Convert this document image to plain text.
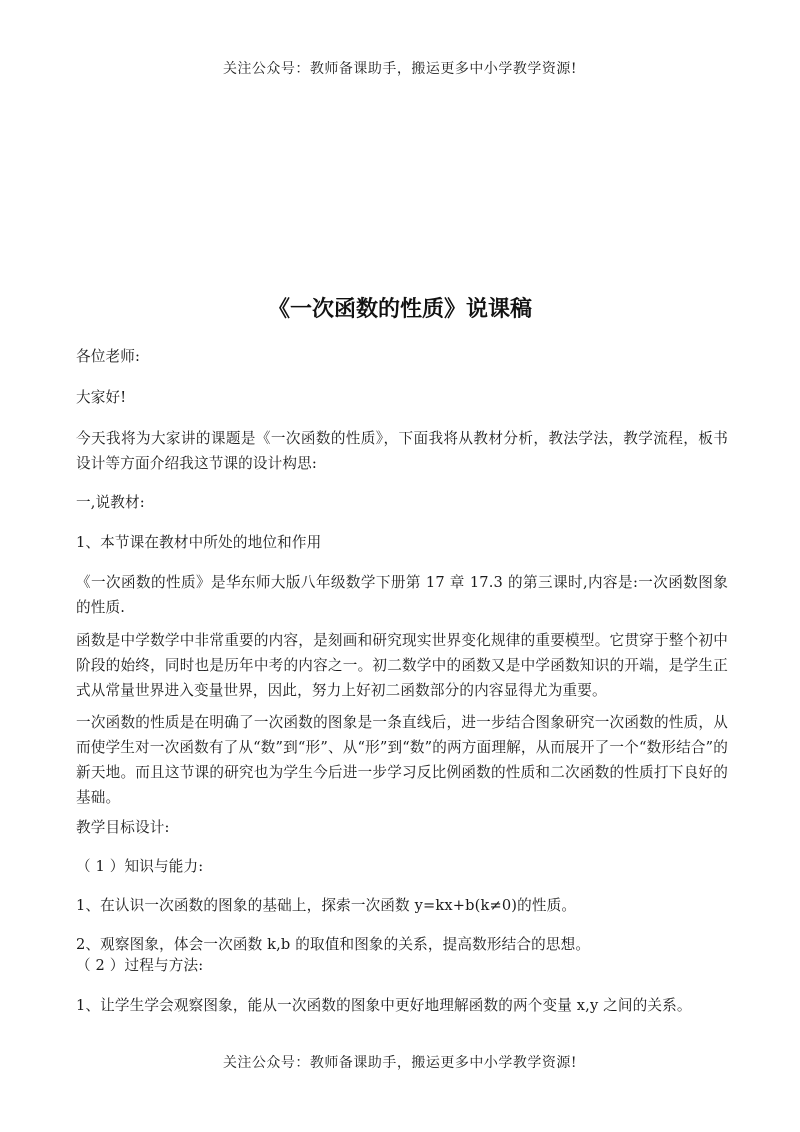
关注公众号：教师备课助手，搬运更多中小学教学资源!
《一次函数的性质》说课稿

各位老师:

大家好!

今天我将为大家讲的课题是《一次函数的性质》，下面我将从教材分析，教法学法，教学流程，板书设计等方面介绍我这节课的设计构思:

一,说教材:

1、本节课在教材中所处的地位和作用

《一次函数的性质》是华东师大版八年级数学下册第 17 章 17.3 的第三课时,内容是:一次函数图象的性质.

函数是中学数学中非常重要的内容，是刻画和研究现实世界变化规律的重要模型。它贯穿于整个初中阶段的始终，同时也是历年中考的内容之一。初二数学中的函数又是中学函数知识的开端，是学生正式从常量世界进入变量世界，因此，努力上好初二函数部分的内容显得尤为重要。

一次函数的性质是在明确了一次函数的图象是一条直线后，进一步结合图象研究一次函数的性质，从而使学生对一次函数有了从“数”到“形”、从“形”到“数”的两方面理解，从而展开了一个“数形结合”的新天地。而且这节课的研究也为学生今后进一步学习反比例函数的性质和二次函数的性质打下良好的基础。

教学目标设计:

（ 1 ）知识与能力:

1、在认识一次函数的图象的基础上，探索一次函数 y=kx+b(k≠0)的性质。

2、观察图象，体会一次函数 k,b 的取值和图象的关系，提高数形结合的思想。

（ 2 ）过程与方法:

1、让学生学会观察图象，能从一次函数的图象中更好地理解函数的两个变量 x,y 之间的关系。

关注公众号：教师备课助手，搬运更多中小学教学资源!
